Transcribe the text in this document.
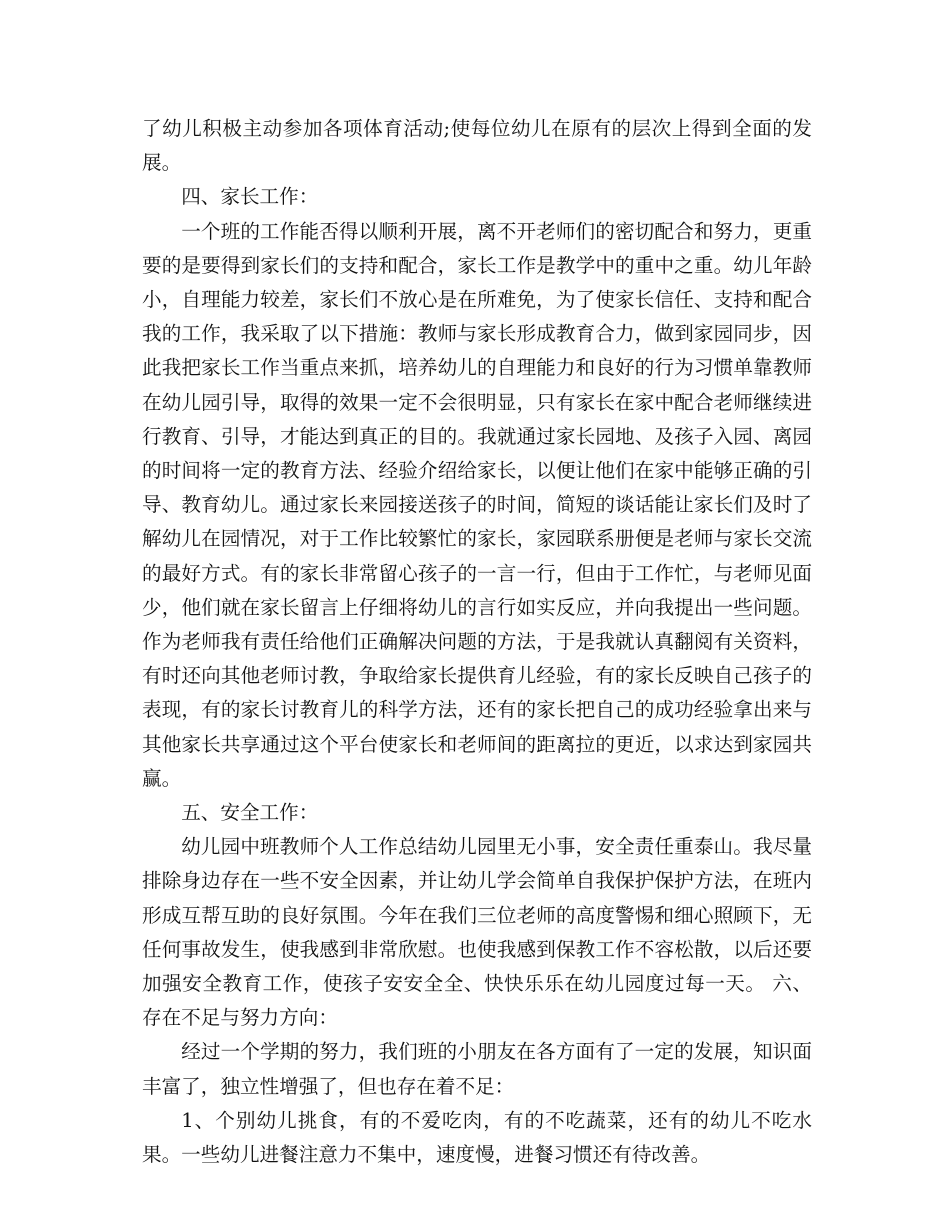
了幼儿积极主动参加各项体育活动;使每位幼儿在原有的层次上得到全面的发展。

四、家长工作：

一个班的工作能否得以顺利开展，离不开老师们的密切配合和努力，更重要的是要得到家长们的支持和配合，家长工作是教学中的重中之重。幼儿年龄小，自理能力较差，家长们不放心是在所难免，为了使家长信任、支持和配合我的工作，我采取了以下措施：教师与家长形成教育合力，做到家园同步，因此我把家长工作当重点来抓，培养幼儿的自理能力和良好的行为习惯单靠教师在幼儿园引导，取得的效果一定不会很明显，只有家长在家中配合老师继续进行教育、引导，才能达到真正的目的。我就通过家长园地、及孩子入园、离园的时间将一定的教育方法、经验介绍给家长，以便让他们在家中能够正确的引导、教育幼儿。通过家长来园接送孩子的时间，简短的谈话能让家长们及时了解幼儿在园情况，对于工作比较繁忙的家长，家园联系册便是老师与家长交流的最好方式。有的家长非常留心孩子的一言一行，但由于工作忙，与老师见面少，他们就在家长留言上仔细将幼儿的言行如实反应，并向我提出一些问题。作为老师我有责任给他们正确解决问题的方法，于是我就认真翻阅有关资料，有时还向其他老师讨教，争取给家长提供育儿经验，有的家长反映自己孩子的表现，有的家长讨教育儿的科学方法，还有的家长把自己的成功经验拿出来与其他家长共享通过这个平台使家长和老师间的距离拉的更近，以求达到家园共赢。

五、安全工作：

幼儿园中班教师个人工作总结幼儿园里无小事，安全责任重泰山。我尽量排除身边存在一些不安全因素，并让幼儿学会简单自我保护保护方法，在班内形成互帮互助的良好氛围。今年在我们三位老师的高度警惕和细心照顾下，无任何事故发生，使我感到非常欣慰。也使我感到保教工作不容松散，以后还要加强安全教育工作，使孩子安安全全、快快乐乐在幼儿园度过每一天。 六、存在不足与努力方向：

经过一个学期的努力，我们班的小朋友在各方面有了一定的发展，知识面丰富了，独立性增强了，但也存在着不足：

1、个别幼儿挑食，有的不爱吃肉，有的不吃蔬菜，还有的幼儿不吃水果。一些幼儿进餐注意力不集中，速度慢，进餐习惯还有待改善。
